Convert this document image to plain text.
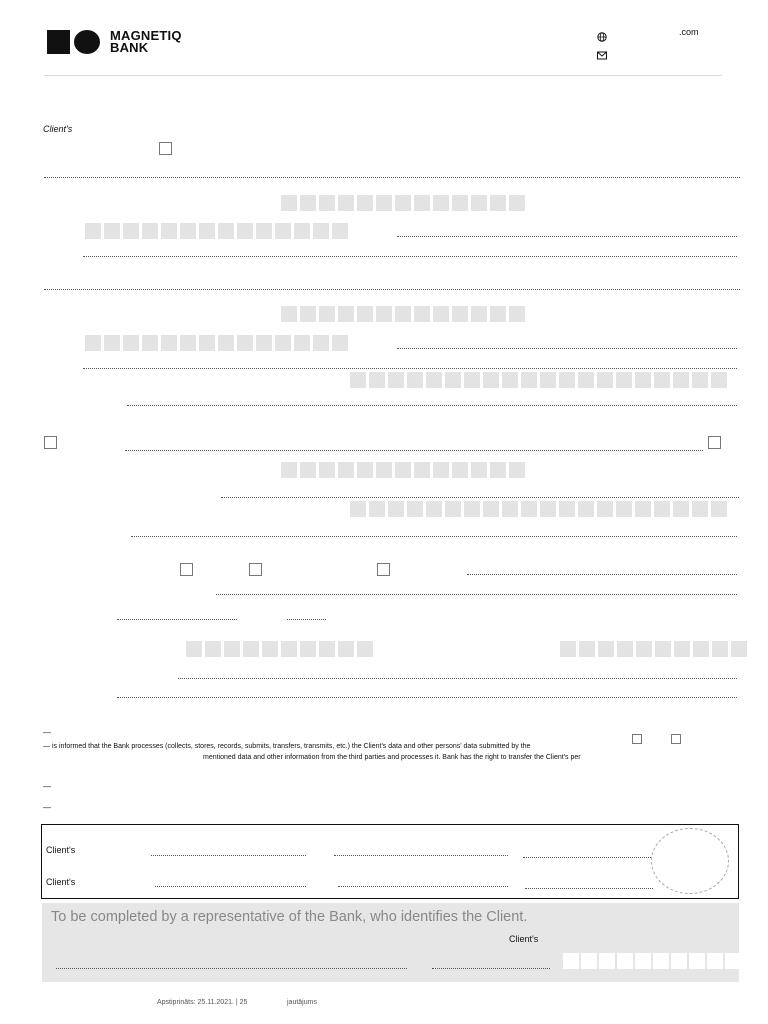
MAGNETIQ
BANK
.com
Client's
—
— is informed that the Bank processes (collects, stores, records, submits, transfers, transmits, etc.) the Client's data and other persons' data submitted by the
mentioned data and other information from the third parties and processes it. Bank has the right to transfer the Client's per
—
—
Client's
Client's
To be completed by a representative of the Bank, who identifies the Client.
Client's
Apstiprināts: 25.11.2021. | 25	jautājums
